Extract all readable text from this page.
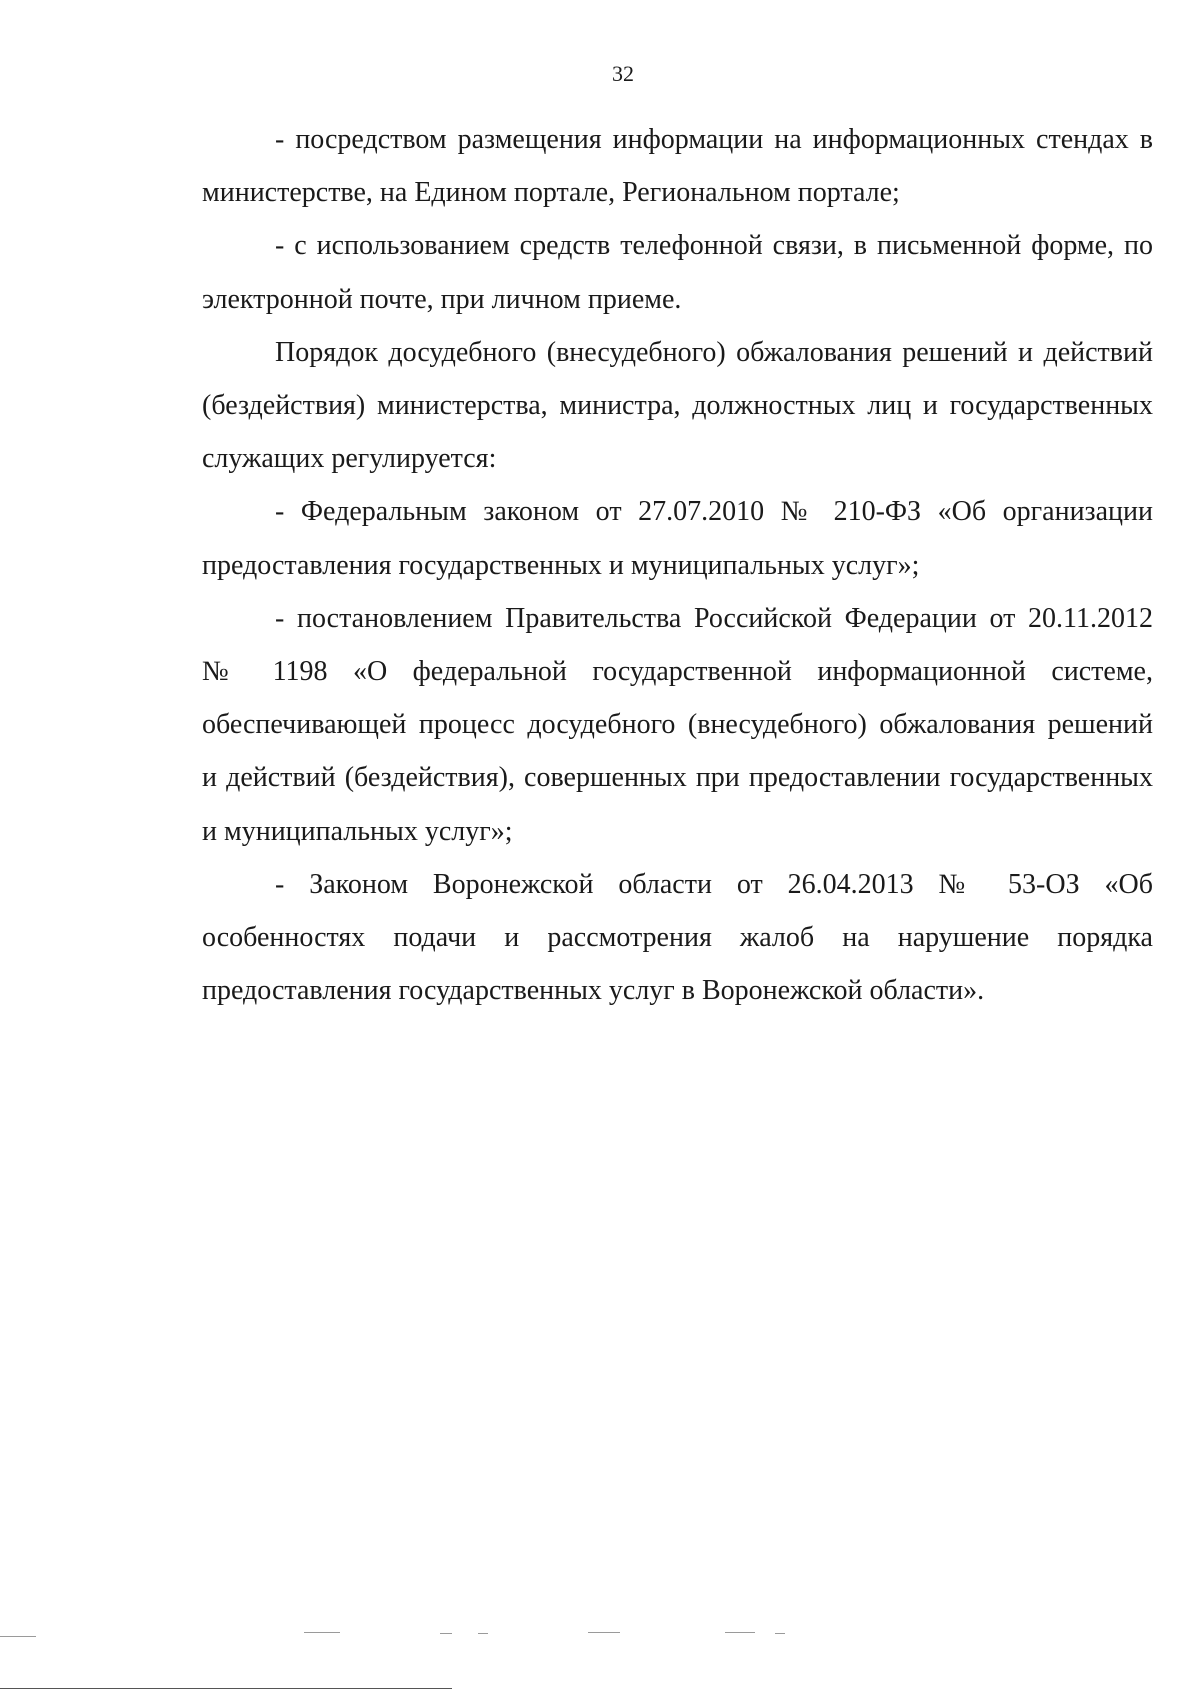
32

- посредством размещения информации на информационных стендах в
министерстве, на Едином портале, Региональном портале;

- с использованием средств телефонной связи, в письменной форме, по
электронной почте, при личном приеме.

Порядок досудебного (внесудебного) обжалования решений и действий
(бездействия) министерства, министра, должностных лиц и государственных
служащих регулируется:

- Федеральным законом от 27.07.2010 № 210-ФЗ «Об организации
предоставления государственных и муниципальных услуг»;

- постановлением Правительства Российской Федерации от 20.11.2012
№ 1198 «О федеральной государственной информационной системе,
обеспечивающей процесс досудебного (внесудебного) обжалования решений
и действий (бездействия), совершенных при предоставлении государственных
и муниципальных услуг»;

- Законом Воронежской области от 26.04.2013 № 53-ОЗ «Об
особенностях подачи и рассмотрения жалоб на нарушение порядка
предоставления государственных услуг в Воронежской области».
